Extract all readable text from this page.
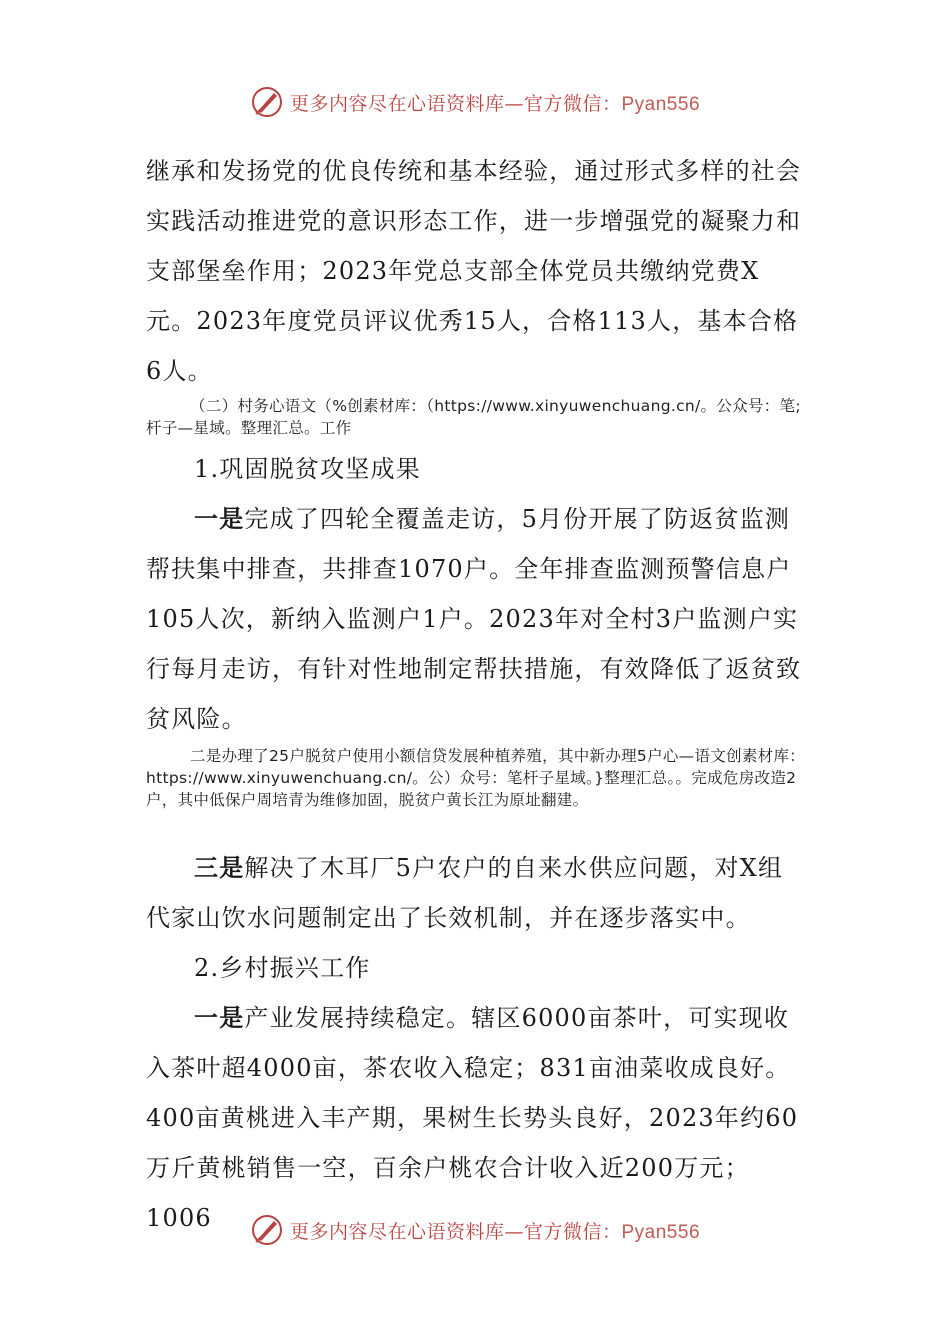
更多内容尽在心语资料库—官方微信：Pyan556

继承和发扬党的优良传统和基本经验，通过形式多样的社会实践活动推进党的意识形态工作，进一步增强党的凝聚力和支部堡垒作用；2023年党总支部全体党员共缴纳党费X元。2023年度党员评议优秀15人，合格113人，基本合格6人。

（二）村务心语文（%创素材库：（https://www.xinyuwenchuang.cn/。公众号：笔;杆子—星域。整理汇总。工作

1.巩固脱贫攻坚成果

一是完成了四轮全覆盖走访，5月份开展了防返贫监测帮扶集中排查，共排查1070户。全年排查监测预警信息户105人次，新纳入监测户1户。2023年对全村3户监测户实行每月走访，有针对性地制定帮扶措施，有效降低了返贫致贫风险。

二是办理了25户脱贫户使用小额信贷发展种植养殖，其中新办理5户心—语文创素材库：https://www.xinyuwenchuang.cn/。公）众号：笔杆子星域。}整理汇总。。完成危房改造2户，其中低保户周培青为维修加固，脱贫户黄长江为原址翻建。

三是解决了木耳厂5户农户的自来水供应问题，对X组代家山饮水问题制定出了长效机制，并在逐步落实中。

2.乡村振兴工作

一是产业发展持续稳定。辖区6000亩茶叶，可实现收入茶叶超4000亩，茶农收入稳定；831亩油菜收成良好。400亩黄桃进入丰产期，果树生长势头良好，2023年约60万斤黄桃销售一空，百余户桃农合计收入近200万元；1006	更多内容尽在心语资料库—官方微信：Pyan556
